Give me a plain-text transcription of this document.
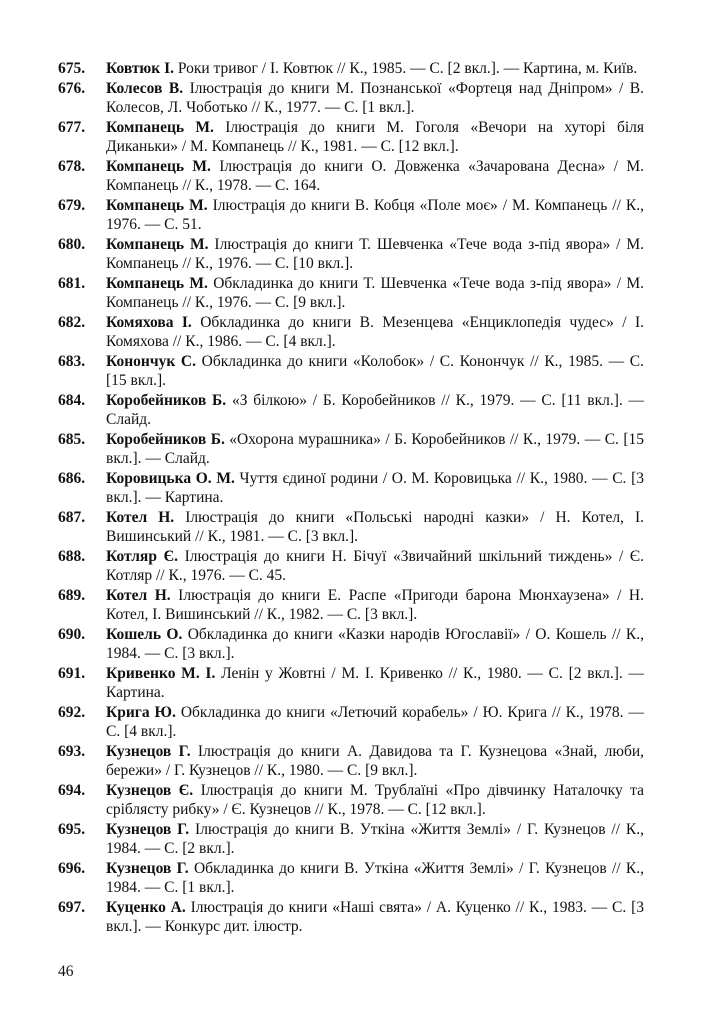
675.	Ковтюк І. Роки тривог / І. Ковтюк // К., 1985. — С. [2 вкл.]. — Картина, м. Київ.
676.	Колесов В. Ілюстрація до книги М. Познанської «Фортеця над Дніпром» / В. Колесов, Л. Чоботько // К., 1977. — С. [1 вкл.].
677.	Компанець М. Ілюстрація до книги М. Гоголя «Вечори на хуторі біля Диканьки» / М. Компанець // К., 1981. — С. [12 вкл.].
678.	Компанець М. Ілюстрація до книги О. Довженка «Зачарована Десна» / М. Компанець // К., 1978. — С. 164.
679.	Компанець М. Ілюстрація до книги В. Кобця «Поле моє» / М. Компанець // К., 1976. — С. 51.
680.	Компанець М. Ілюстрація до книги Т. Шевченка «Тече вода з-під явора» / М. Компанець // К., 1976. — С. [10 вкл.].
681.	Компанець М. Обкладинка до книги Т. Шевченка «Тече вода з-під явора» / М. Компанець // К., 1976. — С. [9 вкл.].
682.	Комяхова І. Обкладинка до книги В. Мезенцева «Енциклопедія чудес» / І. Комяхова // К., 1986. — С. [4 вкл.].
683.	Конончук С. Обкладинка до книги «Колобок» / С. Конончук // К., 1985. — С. [15 вкл.].
684.	Коробейников Б. «З білкою» / Б. Коробейников // К., 1979. — С. [11 вкл.]. — Слайд.
685.	Коробейников Б. «Охорона мурашника» / Б. Коробейников // К., 1979. — С. [15 вкл.]. — Слайд.
686.	Коровицька О. М. Чуття єдиної родини / О. М. Коровицька // К., 1980. — С. [3 вкл.]. — Картина.
687.	Котел Н. Ілюстрація до книги «Польські народні казки» / Н. Котел, І. Вишинський // К., 1981. — С. [3 вкл.].
688.	Котляр Є. Ілюстрація до книги Н. Бічуї «Звичайний шкільний тиждень» / Є. Котляр // К., 1976. — С. 45.
689.	Котел Н. Ілюстрація до книги Е. Распе «Пригоди барона Мюнхаузена» / Н. Котел, І. Вишинський // К., 1982. — С. [3 вкл.].
690.	Кошель О. Обкладинка до книги «Казки народів Югославії» / О. Кошель // К., 1984. — С. [3 вкл.].
691.	Кривенко М. І. Ленін у Жовтні / М. І. Кривенко // К., 1980. — С. [2 вкл.]. — Картина.
692.	Крига Ю. Обкладинка до книги «Летючий корабель» / Ю. Крига // К., 1978. — С. [4 вкл.].
693.	Кузнецов Г. Ілюстрація до книги А. Давидова та Г. Кузнецова «Знай, люби, бережи» / Г. Кузнецов // К., 1980. — С. [9 вкл.].
694.	Кузнецов Є. Ілюстрація до книги М. Трублаїні «Про дівчинку Наталочку та сріблясту рибку» / Є. Кузнецов // К., 1978. — С. [12 вкл.].
695.	Кузнецов Г. Ілюстрація до книги В. Уткіна «Життя Землі» / Г. Кузнецов // К., 1984. — С. [2 вкл.].
696.	Кузнецов Г. Обкладинка до книги В. Уткіна «Життя Землі» / Г. Кузнецов // К., 1984. — С. [1 вкл.].
697.	Куценко А. Ілюстрація до книги «Наші свята» / А. Куценко // К., 1983. — С. [3 вкл.]. — Конкурс дит. ілюстр.
46
